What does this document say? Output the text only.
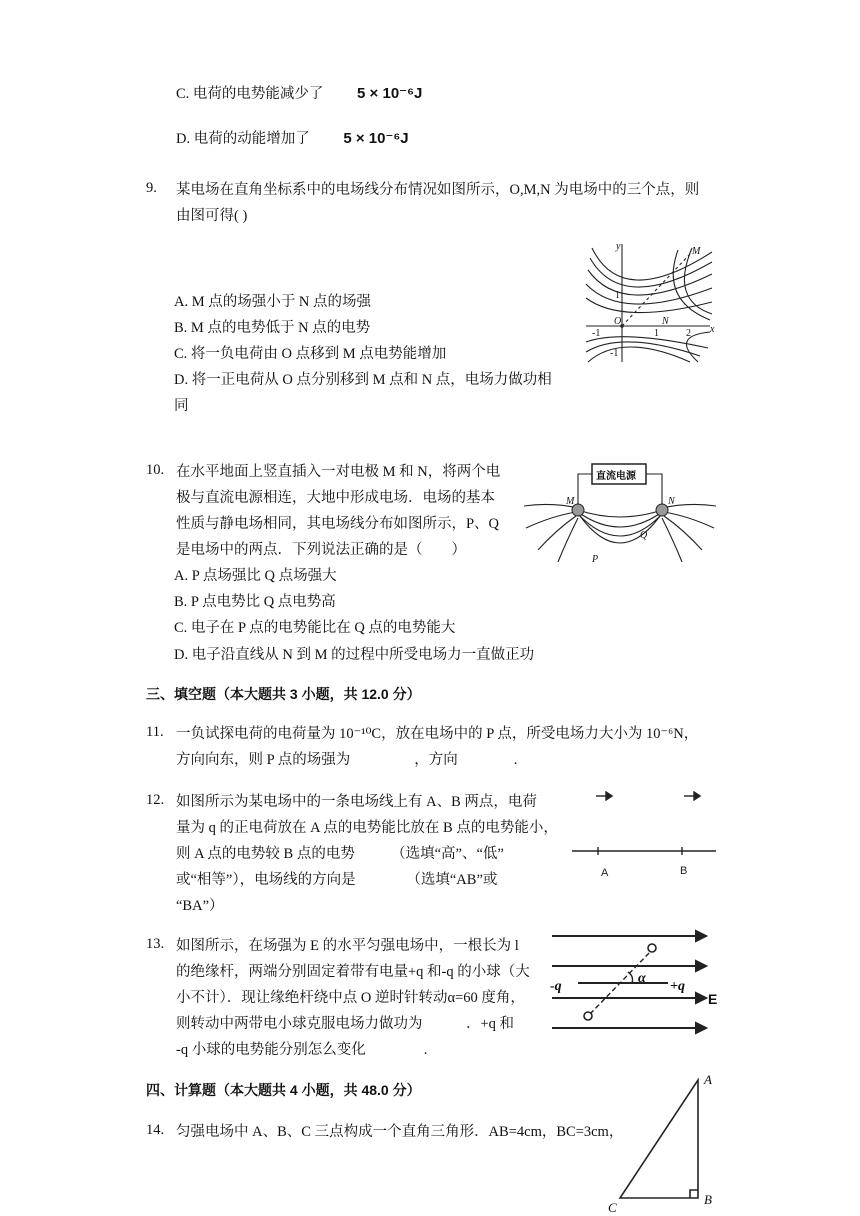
C. 电荷的电势能减少了 5 × 10⁻⁶J
D. 电荷的动能增加了 5 × 10⁻⁶J
9. 某电场在直角坐标系中的电场线分布情况如图所示，O,M,N 为电场中的三个点，则
由图可得( )
A. M 点的场强小于 N 点的场强
B. M 点的电势低于 N 点的电势
C. 将一负电荷由 O 点移到 M 点电势能增加
D. 将一正电荷从 O 点分别移到 M 点和 N 点，电场力做功相
同
y
x
O
M
N
1	2
-1
1
-1
10. 在水平地面上竖直插入一对电极 M 和 N，将两个电
极与直流电源相连，大地中形成电场．电场的基本
性质与静电场相同，其电场线分布如图所示，P、Q
是电场中的两点．下列说法正确的是（　　）
A. P 点场强比 Q 点场强大
B. P 点电势比 Q 点电势高
C. 电子在 P 点的电势能比在 Q 点的电势能大
D. 电子沿直线从 N 到 M 的过程中所受电场力一直做正功
直流电源
M	N
P
Q
三、填空题（本大题共 3 小题，共 12.0 分）
11. 一负试探电荷的电荷量为 10⁻¹⁰C，放在电场中的 P 点，所受电场力大小为 10⁻⁶N，
方向向东，则 P 点的场强为	，方向	.
12. 如图所示为某电场中的一条电场线上有 A、B 两点，电荷
量为 q 的正电荷放在 A 点的电势能比放在 B 点的电势能小，
则 A 点的电势较 B 点的电势　　　（选填“高”、“低”
或“相等”），电场线的方向是　　　　（选填“AB”或
“BA”）
A	B
13. 如图所示，在场强为 E 的水平匀强电场中，一根长为 l
的绝缘杆，两端分别固定着带有电量+q 和-q 的小球（大
小不计）．现让缘绝杆绕中点 O 逆时针转动α=60 度角，
则转动中两带电小球克服电场力做功为　　　．+q 和
-q 小球的电势能分别怎么变化　　　　.
-q	+q
α
E
四、计算题（本大题共 4 小题，共 48.0 分）
14. 匀强电场中 A、B、C 三点构成一个直角三角形．AB=4cm，BC=3cm，
A
B
C
